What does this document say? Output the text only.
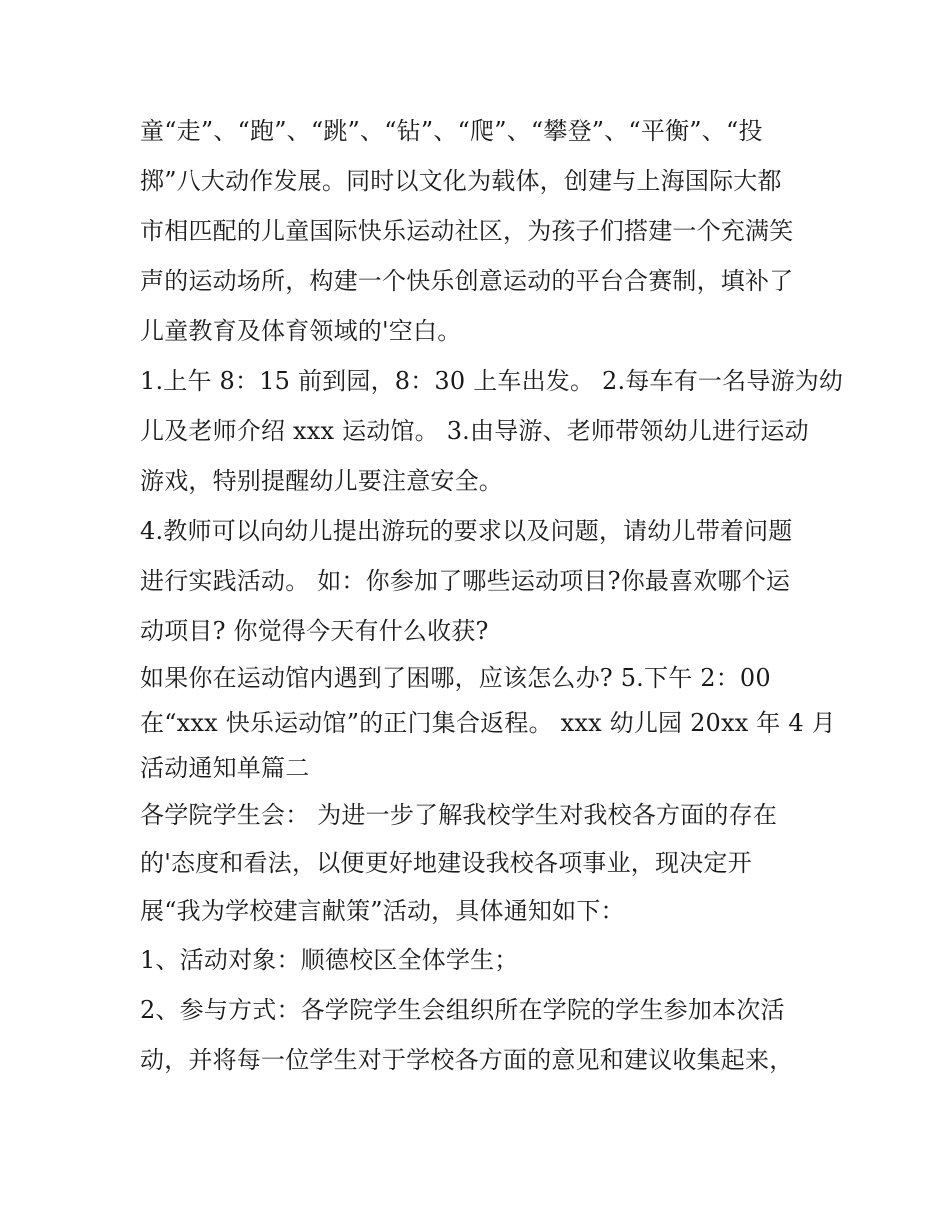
童“走”、“跑”、“跳”、“钻”、“爬”、“攀登”、“平衡”、“投
掷”八大动作发展。同时以文化为载体，创建与上海国际大都
市相匹配的儿童国际快乐运动社区，为孩子们搭建一个充满笑
声的运动场所，构建一个快乐创意运动的平台合赛制，填补了
儿童教育及体育领域的'空白。
1.上午 8：15 前到园，8：30 上车出发。 2.每车有一名导游为幼
儿及老师介绍 xxx 运动馆。 3.由导游、老师带领幼儿进行运动
游戏，特别提醒幼儿要注意安全。
4.教师可以向幼儿提出游玩的要求以及问题，请幼儿带着问题
进行实践活动。 如：你参加了哪些运动项目?你最喜欢哪个运
动项目? 你觉得今天有什么收获?
如果你在运动馆内遇到了困哪，应该怎么办? 5.下午 2：00
在“xxx 快乐运动馆”的正门集合返程。 xxx 幼儿园 20xx 年 4 月
活动通知单篇二
各学院学生会： 为进一步了解我校学生对我校各方面的存在
的'态度和看法，以便更好地建设我校各项事业，现决定开
展“我为学校建言献策”活动，具体通知如下：
1、活动对象：顺德校区全体学生；
2、参与方式：各学院学生会组织所在学院的学生参加本次活
动，并将每一位学生对于学校各方面的意见和建议收集起来，
